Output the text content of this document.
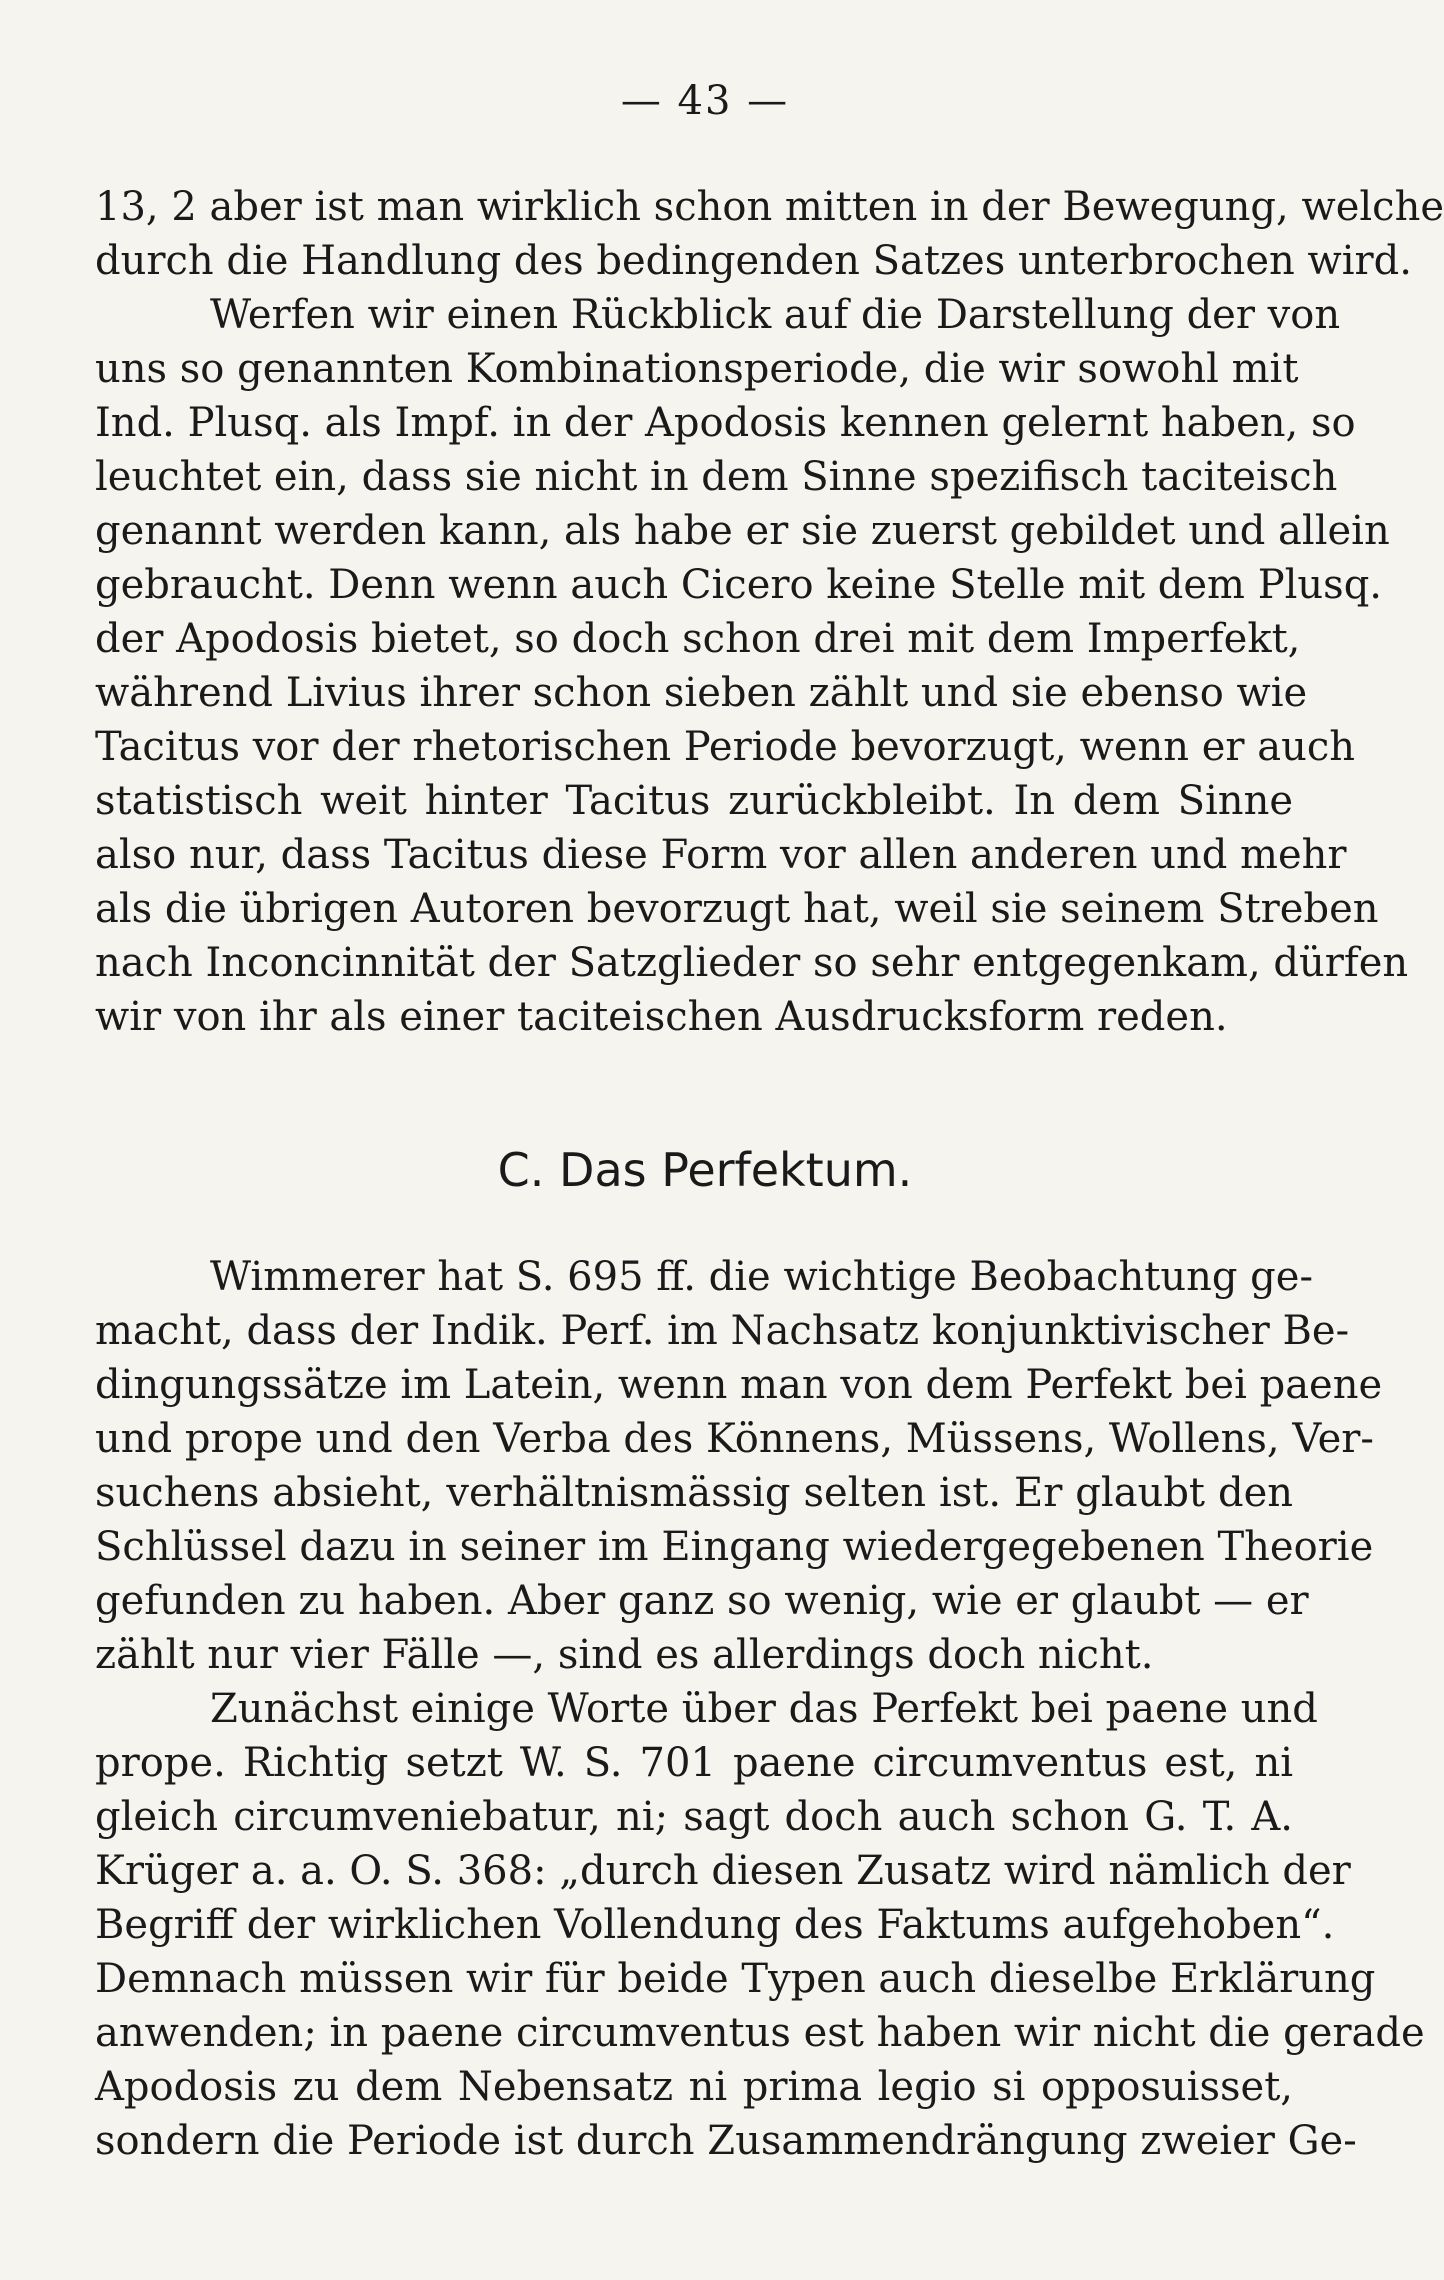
— 43 —
13, 2 aber ist man wirklich schon mitten in der Bewegung, welche
durch die Handlung des bedingenden Satzes unterbrochen wird.
Werfen wir einen Rückblick auf die Darstellung der von
uns so genannten Kombinationsperiode, die wir sowohl mit
Ind. Plusq. als Impf. in der Apodosis kennen gelernt haben, so
leuchtet ein, dass sie nicht in dem Sinne spezifisch taciteisch
genannt werden kann, als habe er sie zuerst gebildet und allein
gebraucht. Denn wenn auch Cicero keine Stelle mit dem Plusq.
der Apodosis bietet, so doch schon drei mit dem Imperfekt,
während Livius ihrer schon sieben zählt und sie ebenso wie
Tacitus vor der rhetorischen Periode bevorzugt, wenn er auch
statistisch weit hinter Tacitus zurückbleibt. In dem Sinne
also nur, dass Tacitus diese Form vor allen anderen und mehr
als die übrigen Autoren bevorzugt hat, weil sie seinem Streben
nach Inconcinnität der Satzglieder so sehr entgegenkam, dürfen
wir von ihr als einer taciteischen Ausdrucksform reden.
C. Das Perfektum.
Wimmerer hat S. 695 ff. die wichtige Beobachtung ge-
macht, dass der Indik. Perf. im Nachsatz konjunktivischer Be-
dingungssätze im Latein, wenn man von dem Perfekt bei paene
und prope und den Verba des Könnens, Müssens, Wollens, Ver-
suchens absieht, verhältnismässig selten ist. Er glaubt den
Schlüssel dazu in seiner im Eingang wiedergegebenen Theorie
gefunden zu haben. Aber ganz so wenig, wie er glaubt — er
zählt nur vier Fälle —, sind es allerdings doch nicht.
Zunächst einige Worte über das Perfekt bei paene und
prope. Richtig setzt W. S. 701 paene circumventus est, ni
gleich circumveniebatur, ni; sagt doch auch schon G. T. A.
Krüger a. a. O. S. 368: „durch diesen Zusatz wird nämlich der
Begriff der wirklichen Vollendung des Faktums aufgehoben“.
Demnach müssen wir für beide Typen auch dieselbe Erklärung
anwenden; in paene circumventus est haben wir nicht die gerade
Apodosis zu dem Nebensatz ni prima legio si opposuisset,
sondern die Periode ist durch Zusammendrängung zweier Ge-
